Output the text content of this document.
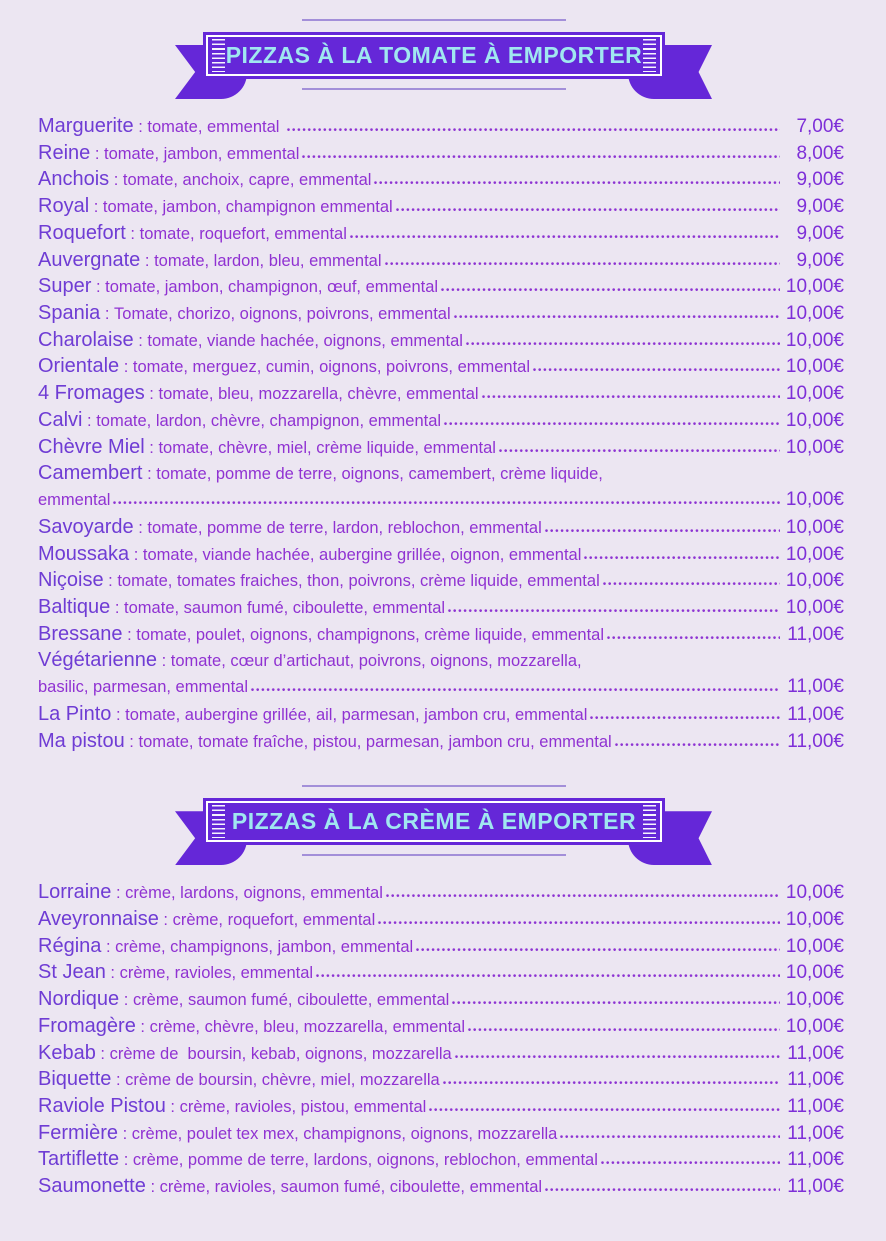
PIZZAS À LA TOMATE À EMPORTER
Marguerite : tomate, emmental	7,00€
Reine : tomate, jambon, emmental	8,00€
Anchois : tomate, anchoix, capre, emmental	9,00€
Royal : tomate, jambon, champignon emmental	9,00€
Roquefort : tomate, roquefort, emmental	9,00€
Auvergnate : tomate, lardon, bleu, emmental	9,00€
Super : tomate, jambon, champignon, œuf, emmental	10,00€
Spania : Tomate, chorizo, oignons, poivrons, emmental	10,00€
Charolaise : tomate, viande hachée, oignons, emmental	10,00€
Orientale : tomate, merguez, cumin, oignons, poivrons, emmental	10,00€
4 Fromages : tomate, bleu, mozzarella, chèvre, emmental	10,00€
Calvi : tomate, lardon, chèvre, champignon, emmental	10,00€
Chèvre Miel : tomate, chèvre, miel, crème liquide, emmental	10,00€
Camembert : tomate, pomme de terre, oignons, camembert, crème liquide,
emmental	10,00€
Savoyarde : tomate, pomme de terre, lardon, reblochon, emmental	10,00€
Moussaka : tomate, viande hachée, aubergine grillée, oignon, emmental	10,00€
Niçoise : tomate, tomates fraiches, thon, poivrons, crème liquide, emmental	10,00€
Baltique : tomate, saumon fumé, ciboulette, emmental	10,00€
Bressane : tomate, poulet, oignons, champignons, crème liquide, emmental	11,00€
Végétarienne : tomate, cœur d’artichaut, poivrons, oignons, mozzarella,
basilic, parmesan, emmental	11,00€
La Pinto : tomate, aubergine grillée, ail, parmesan, jambon cru, emmental	11,00€
Ma pistou : tomate, tomate fraîche, pistou, parmesan, jambon cru, emmental	11,00€
PIZZAS À LA CRÈME À EMPORTER
Lorraine : crème, lardons, oignons, emmental	10,00€
Aveyronnaise : crème, roquefort, emmental	10,00€
Régina : crème, champignons, jambon, emmental	10,00€
St Jean : crème, ravioles, emmental	10,00€
Nordique : crème, saumon fumé, ciboulette, emmental	10,00€
Fromagère : crème, chèvre, bleu, mozzarella, emmental	10,00€
Kebab : crème de  boursin, kebab, oignons, mozzarella	11,00€
Biquette : crème de boursin, chèvre, miel, mozzarella	11,00€
Raviole Pistou : crème, ravioles, pistou, emmental	11,00€
Fermière : crème, poulet tex mex, champignons, oignons, mozzarella	11,00€
Tartiflette : crème, pomme de terre, lardons, oignons, reblochon, emmental	11,00€
Saumonette : crème, ravioles, saumon fumé, ciboulette, emmental	11,00€
